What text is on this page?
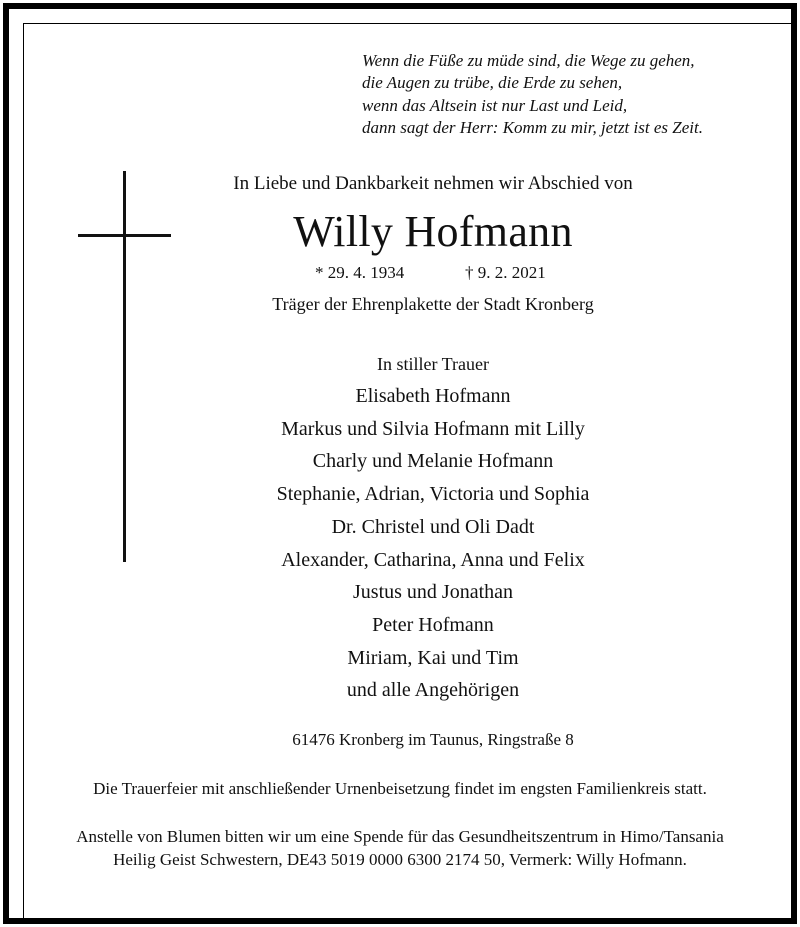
Wenn die Füße zu müde sind, die Wege zu gehen,
die Augen zu trübe, die Erde zu sehen,
wenn das Altsein ist nur Last und Leid,
dann sagt der Herr: Komm zu mir, jetzt ist es Zeit.
In Liebe und Dankbarkeit nehmen wir Abschied von
Willy Hofmann
* 29. 4. 1934	† 9. 2. 2021
Träger der Ehrenplakette der Stadt Kronberg
In stiller Trauer
Elisabeth Hofmann
Markus und Silvia Hofmann mit Lilly
Charly und Melanie Hofmann
Stephanie, Adrian, Victoria und Sophia
Dr. Christel und Oli Dadt
Alexander, Catharina, Anna und Felix
Justus und Jonathan
Peter Hofmann
Miriam, Kai und Tim
und alle Angehörigen
61476 Kronberg im Taunus, Ringstraße 8
Die Trauerfeier mit anschließender Urnenbeisetzung findet im engsten Familienkreis statt.
Anstelle von Blumen bitten wir um eine Spende für das Gesundheitszentrum in Himo/Tansania
Heilig Geist Schwestern, DE43 5019 0000 6300 2174 50, Vermerk: Willy Hofmann.
